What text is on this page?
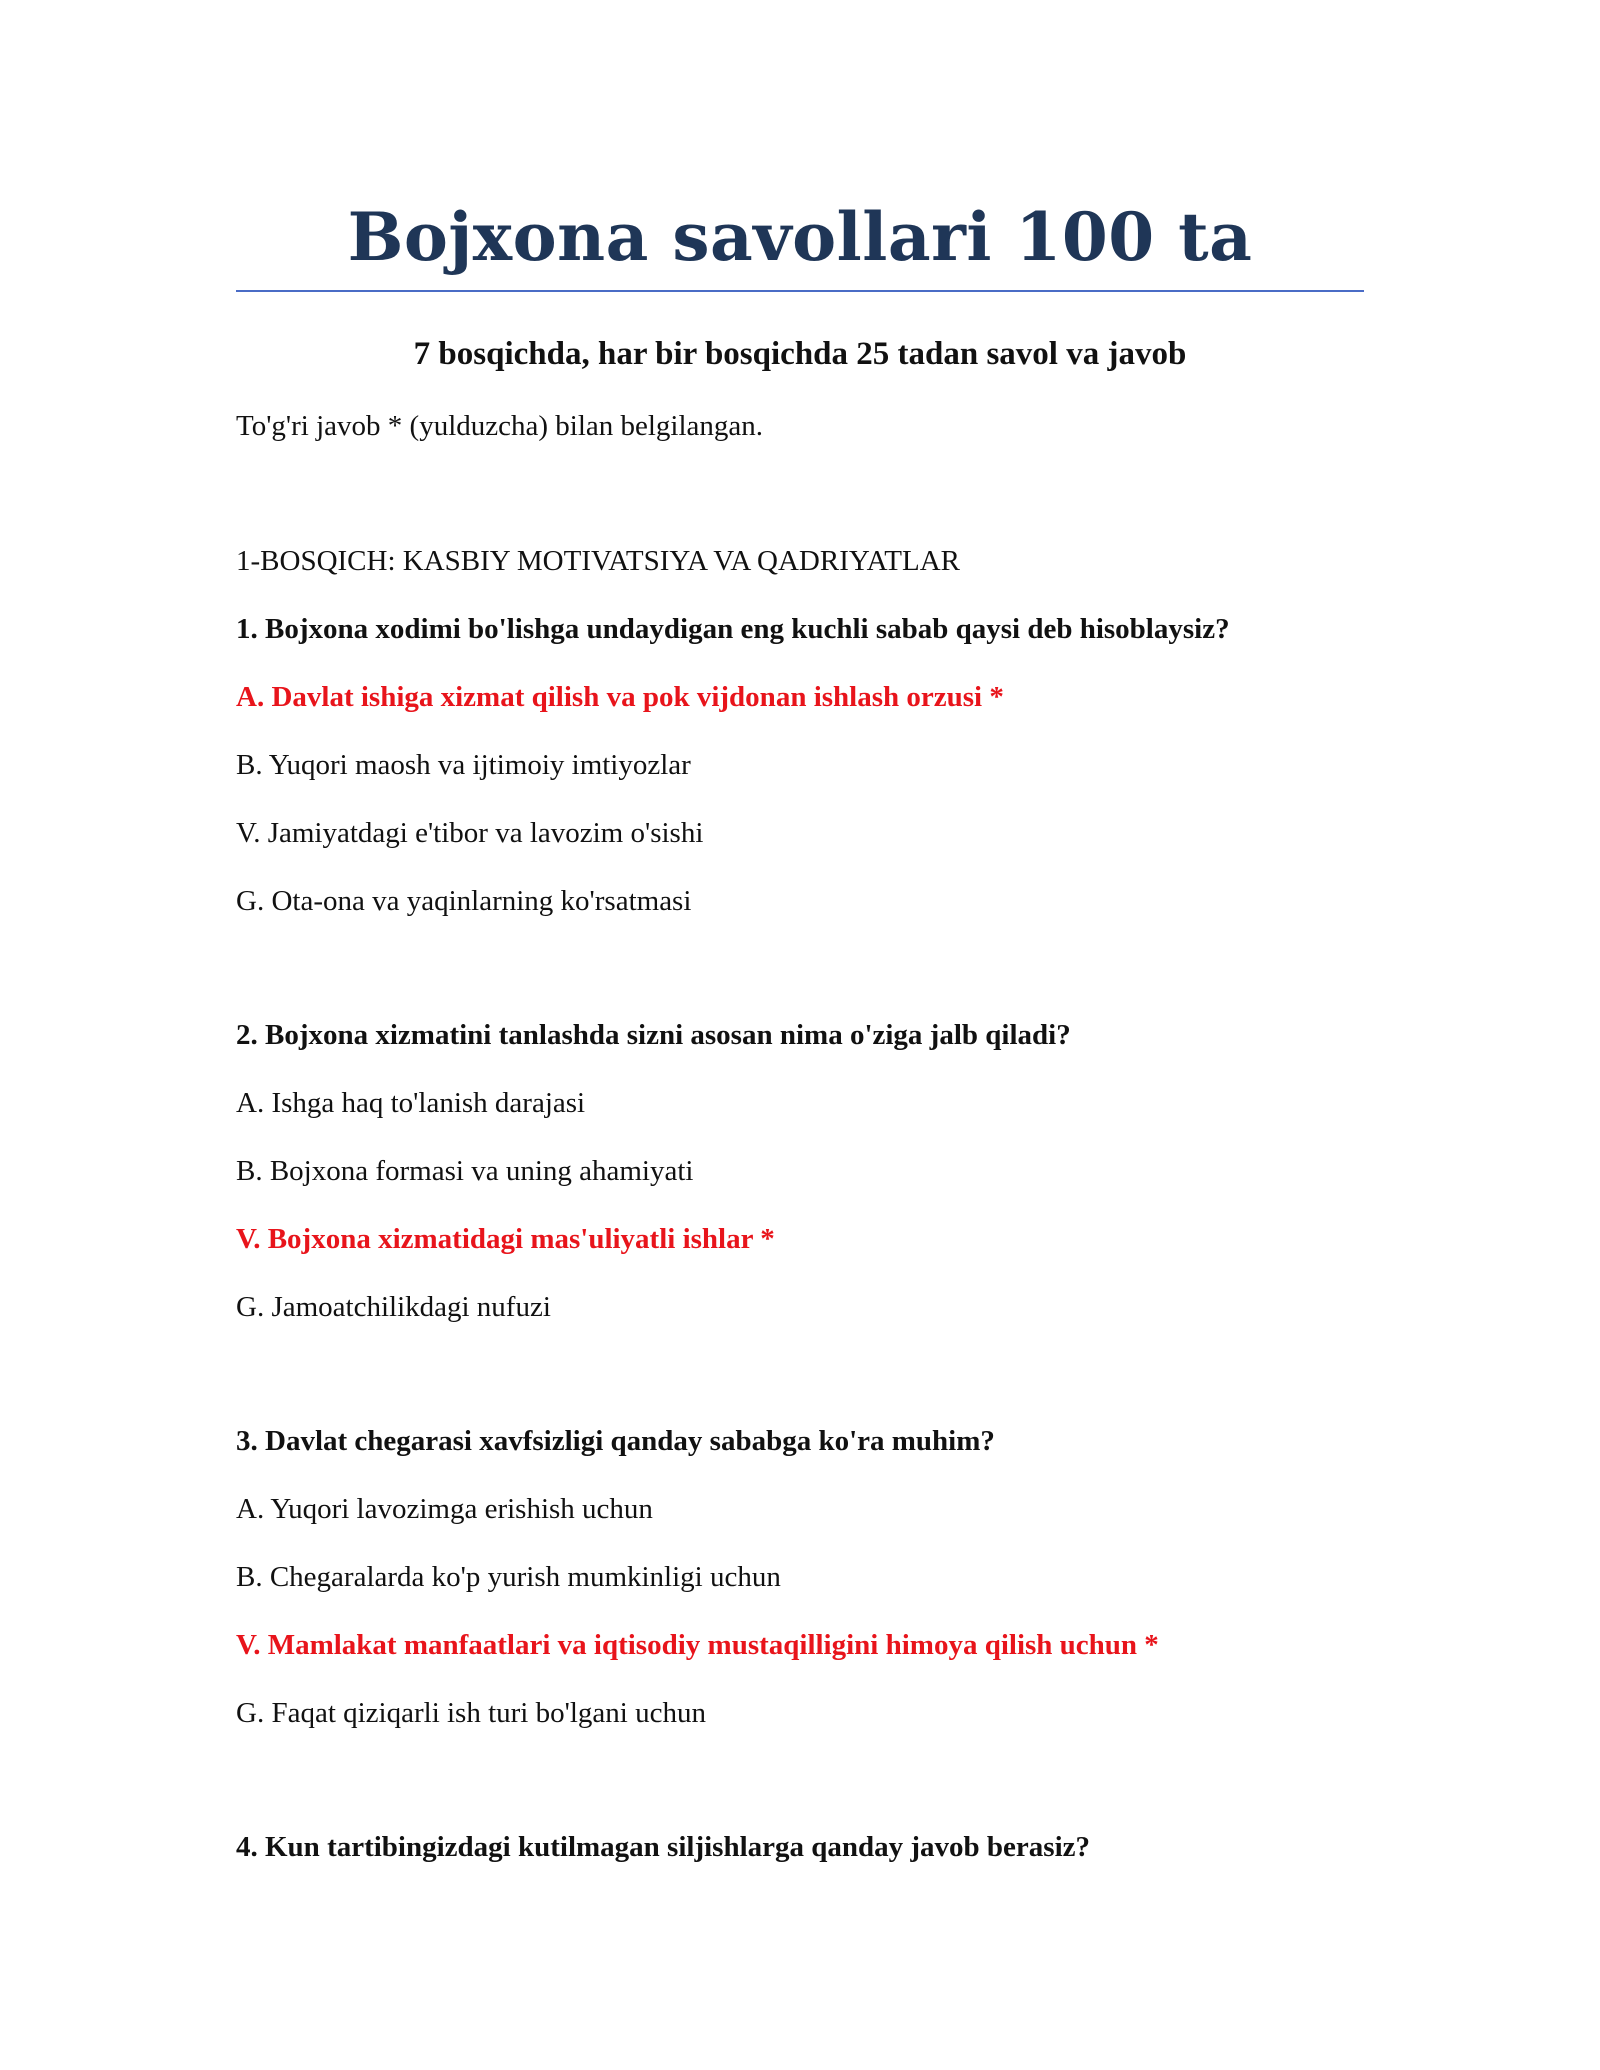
Bojxona savollari 100 ta
7 bosqichda, har bir bosqichda 25 tadan savol va javob
To'g'ri javob * (yulduzcha) bilan belgilangan.
1-BOSQICH: KASBIY MOTIVATSIYA VA QADRIYATLAR
1. Bojxona xodimi bo'lishga undaydigan eng kuchli sabab qaysi deb hisoblaysiz?
A. Davlat ishiga xizmat qilish va pok vijdonan ishlash orzusi *
B. Yuqori maosh va ijtimoiy imtiyozlar
V. Jamiyatdagi e'tibor va lavozim o'sishi
G. Ota-ona va yaqinlarning ko'rsatmasi
2. Bojxona xizmatini tanlashda sizni asosan nima o'ziga jalb qiladi?
A. Ishga haq to'lanish darajasi
B. Bojxona formasi va uning ahamiyati
V. Bojxona xizmatidagi mas'uliyatli ishlar *
G. Jamoatchilikdagi nufuzi
3. Davlat chegarasi xavfsizligi qanday sababga ko'ra muhim?
A. Yuqori lavozimga erishish uchun
B. Chegaralarda ko'p yurish mumkinligi uchun
V. Mamlakat manfaatlari va iqtisodiy mustaqilligini himoya qilish uchun *
G. Faqat qiziqarli ish turi bo'lgani uchun
4. Kun tartibingizdagi kutilmagan siljishlarga qanday javob berasiz?
